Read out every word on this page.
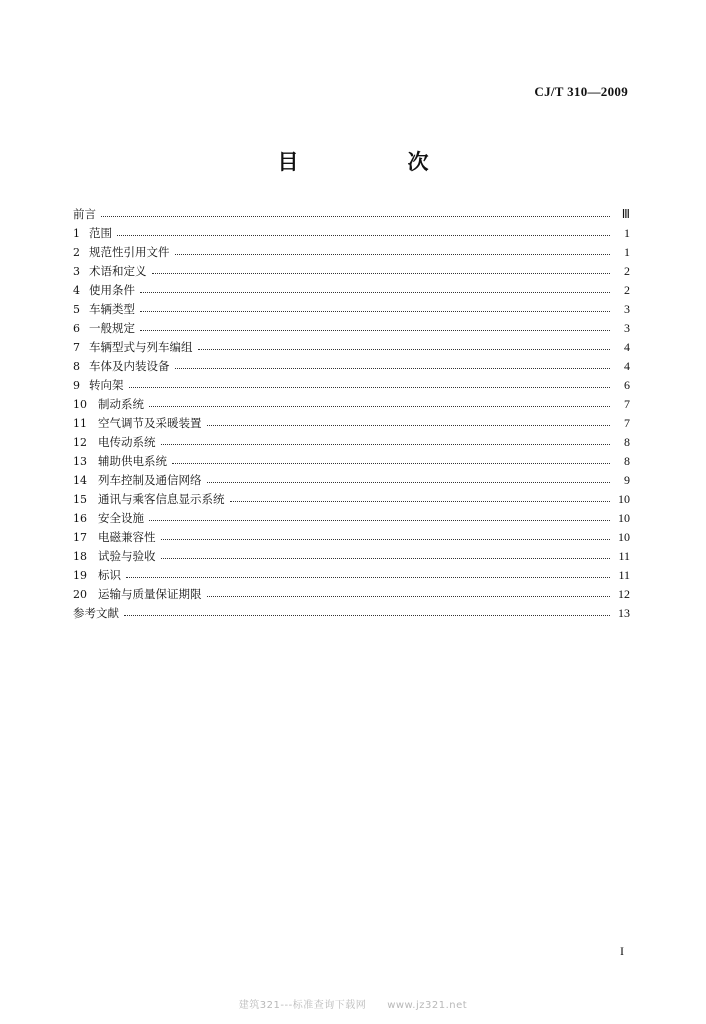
CJ/T 310—2009
目　次
前言	Ⅲ
1 范围	1
2 规范性引用文件	1
3 术语和定义	2
4 使用条件	2
5 车辆类型	3
6 一般规定	3
7 车辆型式与列车编组	4
8 车体及内装设备	4
9 转向架	6
10 制动系统	7
11 空气调节及采暖装置	7
12 电传动系统	8
13 辅助供电系统	8
14 列车控制及通信网络	9
15 通讯与乘客信息显示系统	10
16 安全设施	10
17 电磁兼容性	10
18 试验与验收	11
19 标识	11
20 运输与质量保证期限	12
参考文献	13
I
建筑321---标准查询下载网　　www.jz321.net
